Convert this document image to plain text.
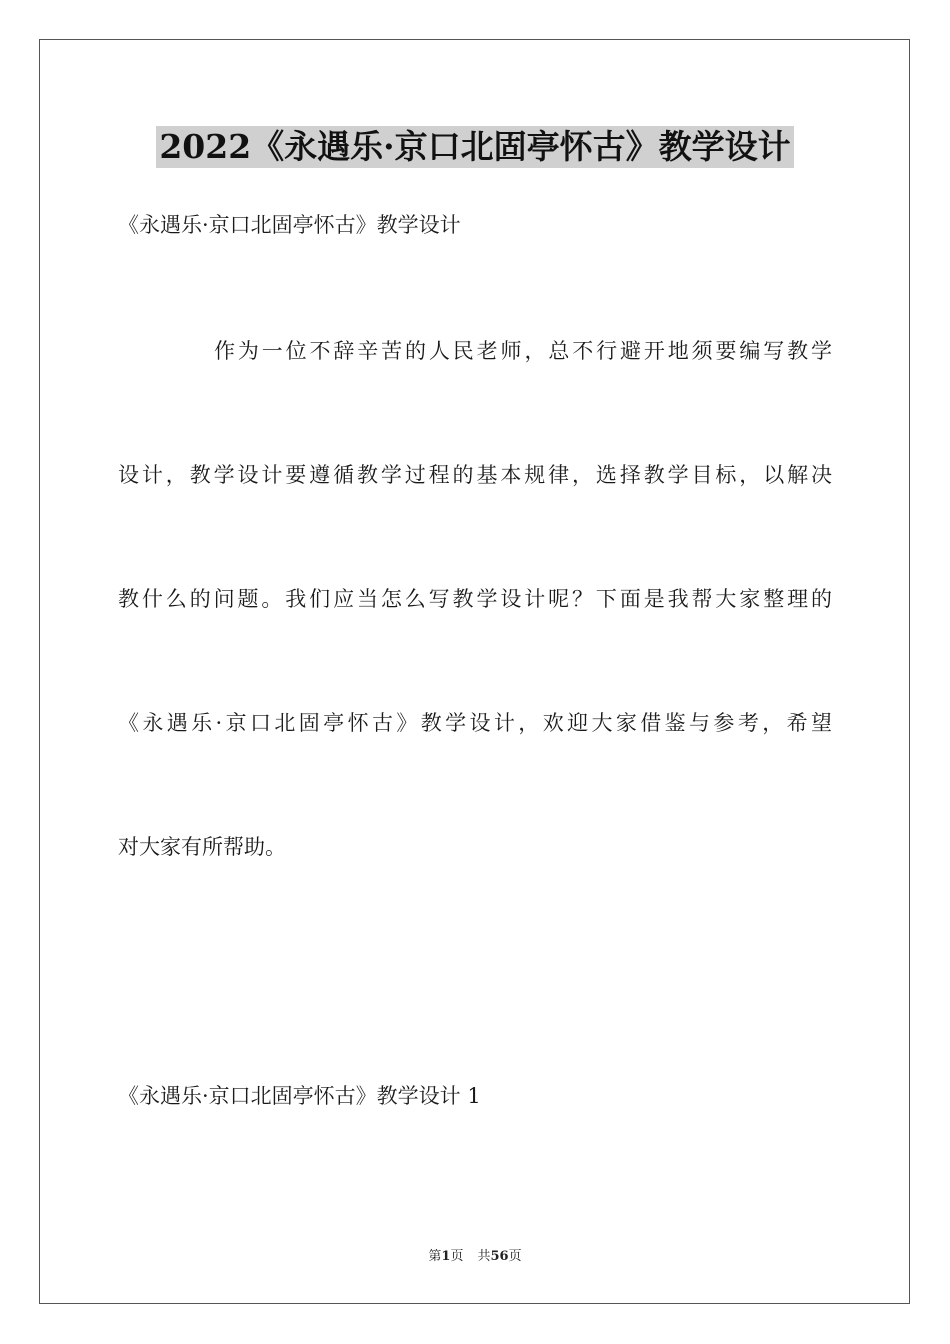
2022《永遇乐·京口北固亭怀古》教学设计
《永遇乐·京口北固亭怀古》教学设计
作为一位不辞辛苦的人民老师，总不行避开地须要编写教学
设计，教学设计要遵循教学过程的基本规律，选择教学目标，以解决
教什么的问题。我们应当怎么写教学设计呢？下面是我帮大家整理的
《永遇乐·京口北固亭怀古》教学设计，欢迎大家借鉴与参考，希望
对大家有所帮助。
《永遇乐·京口北固亭怀古》教学设计 1
第1页 共56页
